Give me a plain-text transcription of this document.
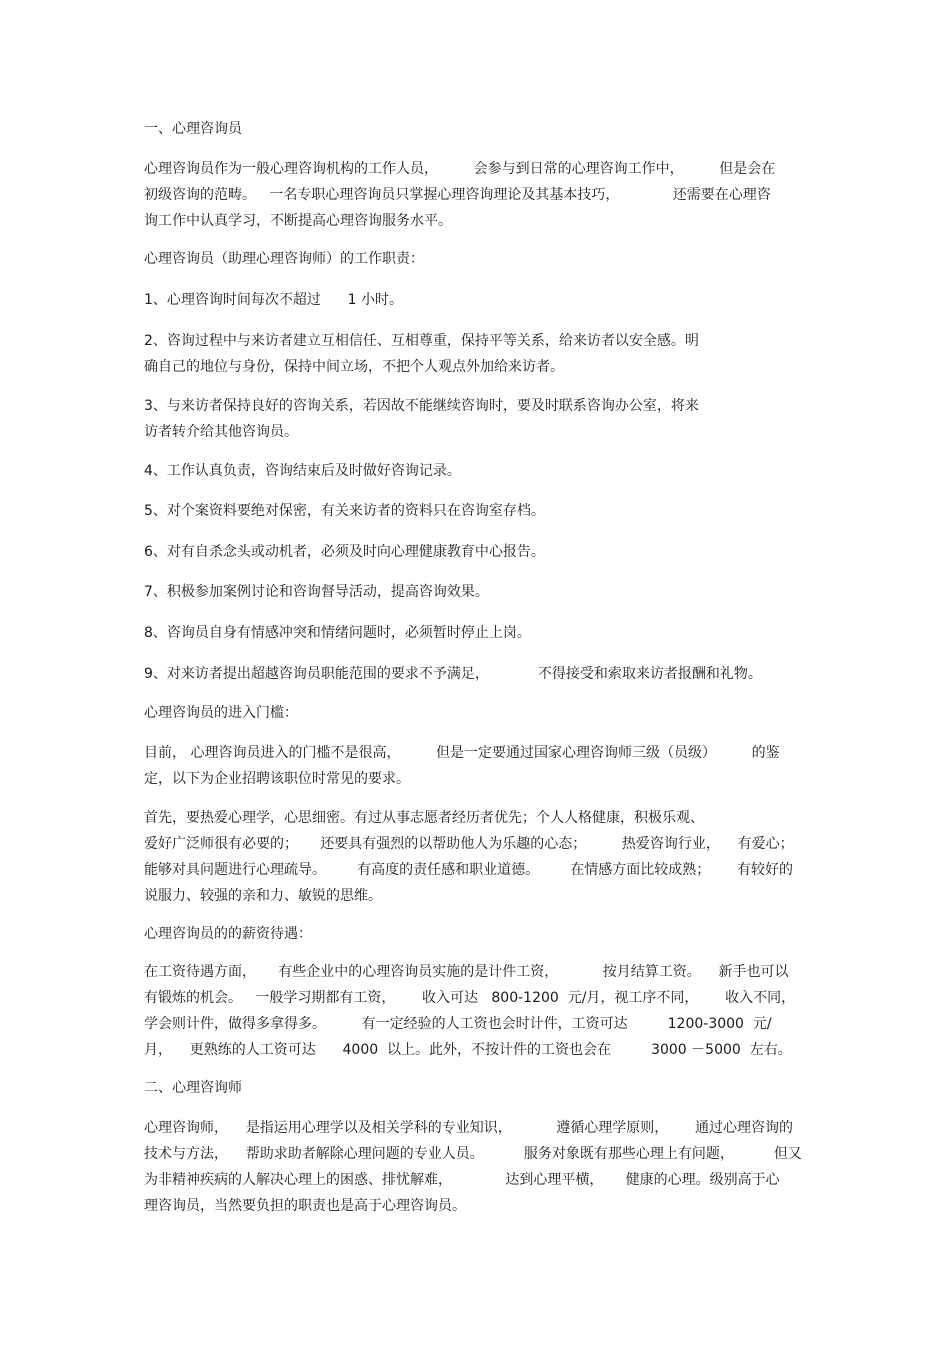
一、心理咨询员

心理咨询员作为一般心理咨询机构的工作人员，        会参与到日常的心理咨询工作中，        但是会在
初级咨询的范畴。   一名专职心理咨询员只掌握心理咨询理论及其基本技巧，            还需要在心理咨
询工作中认真学习，不断提高心理咨询服务水平。

心理咨询员（助理心理咨询师）的工作职责：

1、心理咨询时间每次不超过      1 小时。

2、咨询过程中与来访者建立互相信任、互相尊重，保持平等关系，给来访者以安全感。明
确自己的地位与身份，保持中间立场，不把个人观点外加给来访者。

3、与来访者保持良好的咨询关系，若因故不能继续咨询时，要及时联系咨询办公室，将来
访者转介给其他咨询员。

4、工作认真负责，咨询结束后及时做好咨询记录。

5、对个案资料要绝对保密，有关来访者的资料只在咨询室存档。

6、对有自杀念头或动机者，必须及时向心理健康教育中心报告。

7、积极参加案例讨论和咨询督导活动，提高咨询效果。

8、咨询员自身有情感冲突和情绪问题时，必须暂时停止上岗。

9、对来访者提出超越咨询员职能范围的要求不予满足，           不得接受和索取来访者报酬和礼物。

心理咨询员的进入门槛：

目前， 心理咨询员进入的门槛不是很高，        但是一定要通过国家心理咨询师三级（员级）        的鉴
定，以下为企业招聘该职位时常见的要求。

首先，要热爱心理学，心思细密。有过从事志愿者经历者优先；个人人格健康，积极乐观、
爱好广泛师很有必要的；     还要具有强烈的以帮助他人为乐趣的心态；        热爱咨询行业，    有爱心；
能够对具问题进行心理疏导。       有高度的责任感和职业道德。       在情感方面比较成熟；      有较好的
说服力、较强的亲和力、敏锐的思维。

心理咨询员的的薪资待遇：

在工资待遇方面，     有些企业中的心理咨询员实施的是计件工资，          按月结算工资。    新手也可以
有锻炼的机会。   一般学习期都有工资，      收入可达   800-1200  元/月，视工序不同，      收入不同，
学会则计件，做得多拿得多。        有一定经验的人工资也会时计件，工资可达         1200-3000  元/
月，    更熟练的人工资可达      4000  以上。此外，不按计件的工资也会在         3000 －5000  左右。

二、心理咨询师

心理咨询师，    是指运用心理学以及相关学科的专业知识，          遵循心理学原则，      通过心理咨询的
技术与方法，    帮助求助者解除心理问题的专业人员。         服务对象既有那些心理上有问题，         但又
为非精神疾病的人解决心理上的困惑、排忧解难，            达到心理平横，     健康的心理。级别高于心
理咨询员，当然要负担的职责也是高于心理咨询员。
